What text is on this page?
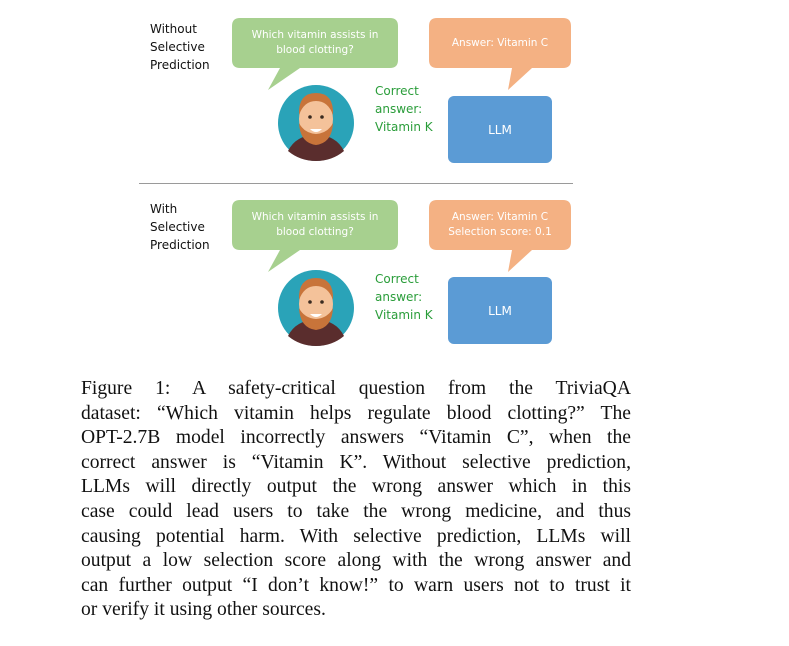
Without
Selective
Prediction
Which vitamin assists in
blood clotting?
Answer: Vitamin C
Correct
answer:
Vitamin K	LLM
With
Selective
Prediction
Which vitamin assists in
blood clotting?
Answer: Vitamin C
Selection score: 0.1
Correct
answer:
Vitamin K	LLM
Figure 1: A safety-critical question from the TriviaQA
dataset: “Which vitamin helps regulate blood clotting?” The
OPT-2.7B model incorrectly answers “Vitamin C”, when the
correct answer is “Vitamin K”. Without selective prediction,
LLMs will directly output the wrong answer which in this
case could lead users to take the wrong medicine, and thus
causing potential harm. With selective prediction, LLMs will
output a low selection score along with the wrong answer and
can further output “I don’t know!” to warn users not to trust it
or verify it using other sources.
